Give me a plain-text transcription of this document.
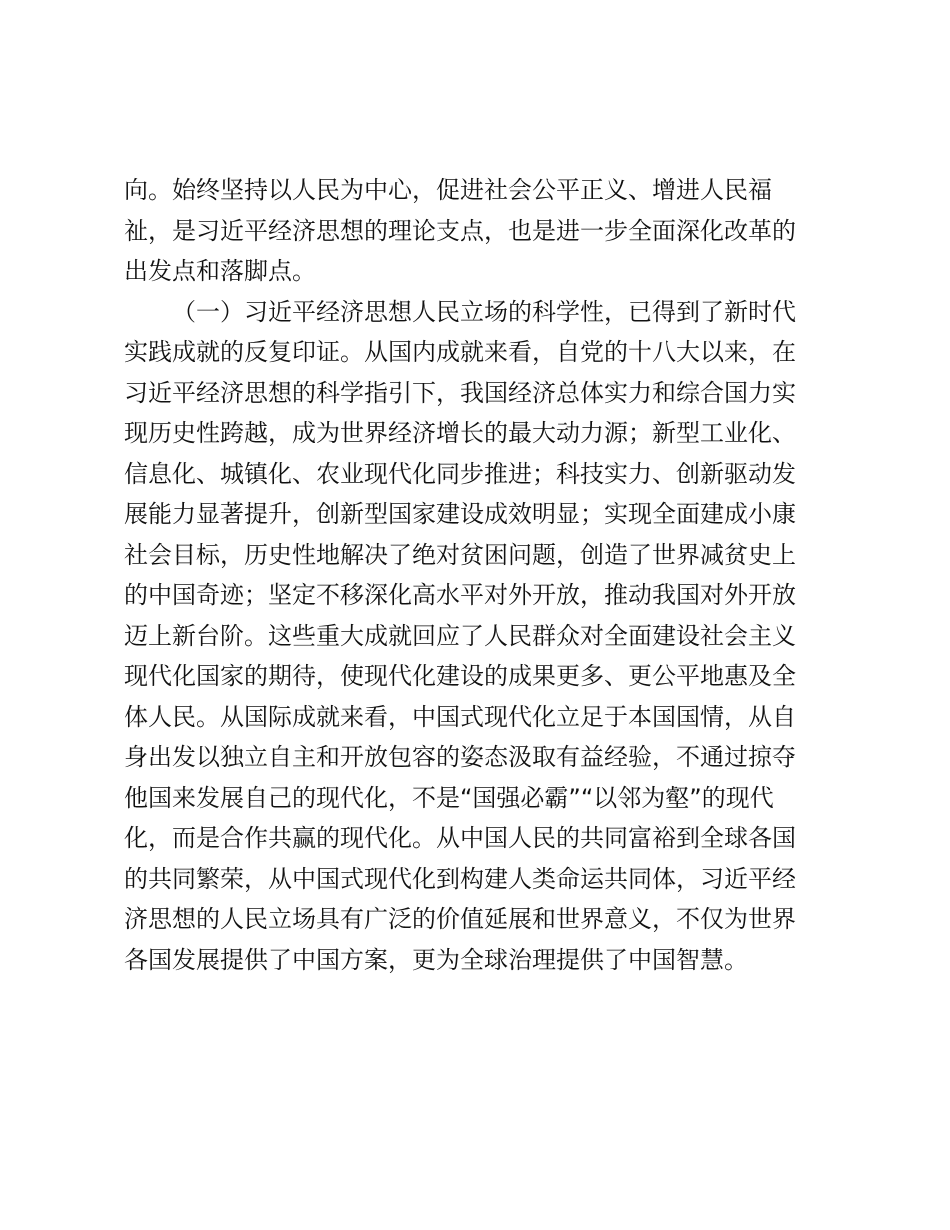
向。始终坚持以人民为中心，促进社会公平正义、增进人民福
祉，是习近平经济思想的理论支点，也是进一步全面深化改革的
出发点和落脚点。
（一）习近平经济思想人民立场的科学性，已得到了新时代
实践成就的反复印证。从国内成就来看，自党的十八大以来，在
习近平经济思想的科学指引下，我国经济总体实力和综合国力实
现历史性跨越，成为世界经济增长的最大动力源；新型工业化、
信息化、城镇化、农业现代化同步推进；科技实力、创新驱动发
展能力显著提升，创新型国家建设成效明显；实现全面建成小康
社会目标，历史性地解决了绝对贫困问题，创造了世界减贫史上
的中国奇迹；坚定不移深化高水平对外开放，推动我国对外开放
迈上新台阶。这些重大成就回应了人民群众对全面建设社会主义
现代化国家的期待，使现代化建设的成果更多、更公平地惠及全
体人民。从国际成就来看，中国式现代化立足于本国国情，从自
身出发以独立自主和开放包容的姿态汲取有益经验，不通过掠夺
他国来发展自己的现代化，不是“国强必霸”“以邻为壑”的现代
化，而是合作共赢的现代化。从中国人民的共同富裕到全球各国
的共同繁荣，从中国式现代化到构建人类命运共同体，习近平经
济思想的人民立场具有广泛的价值延展和世界意义，不仅为世界
各国发展提供了中国方案，更为全球治理提供了中国智慧。
